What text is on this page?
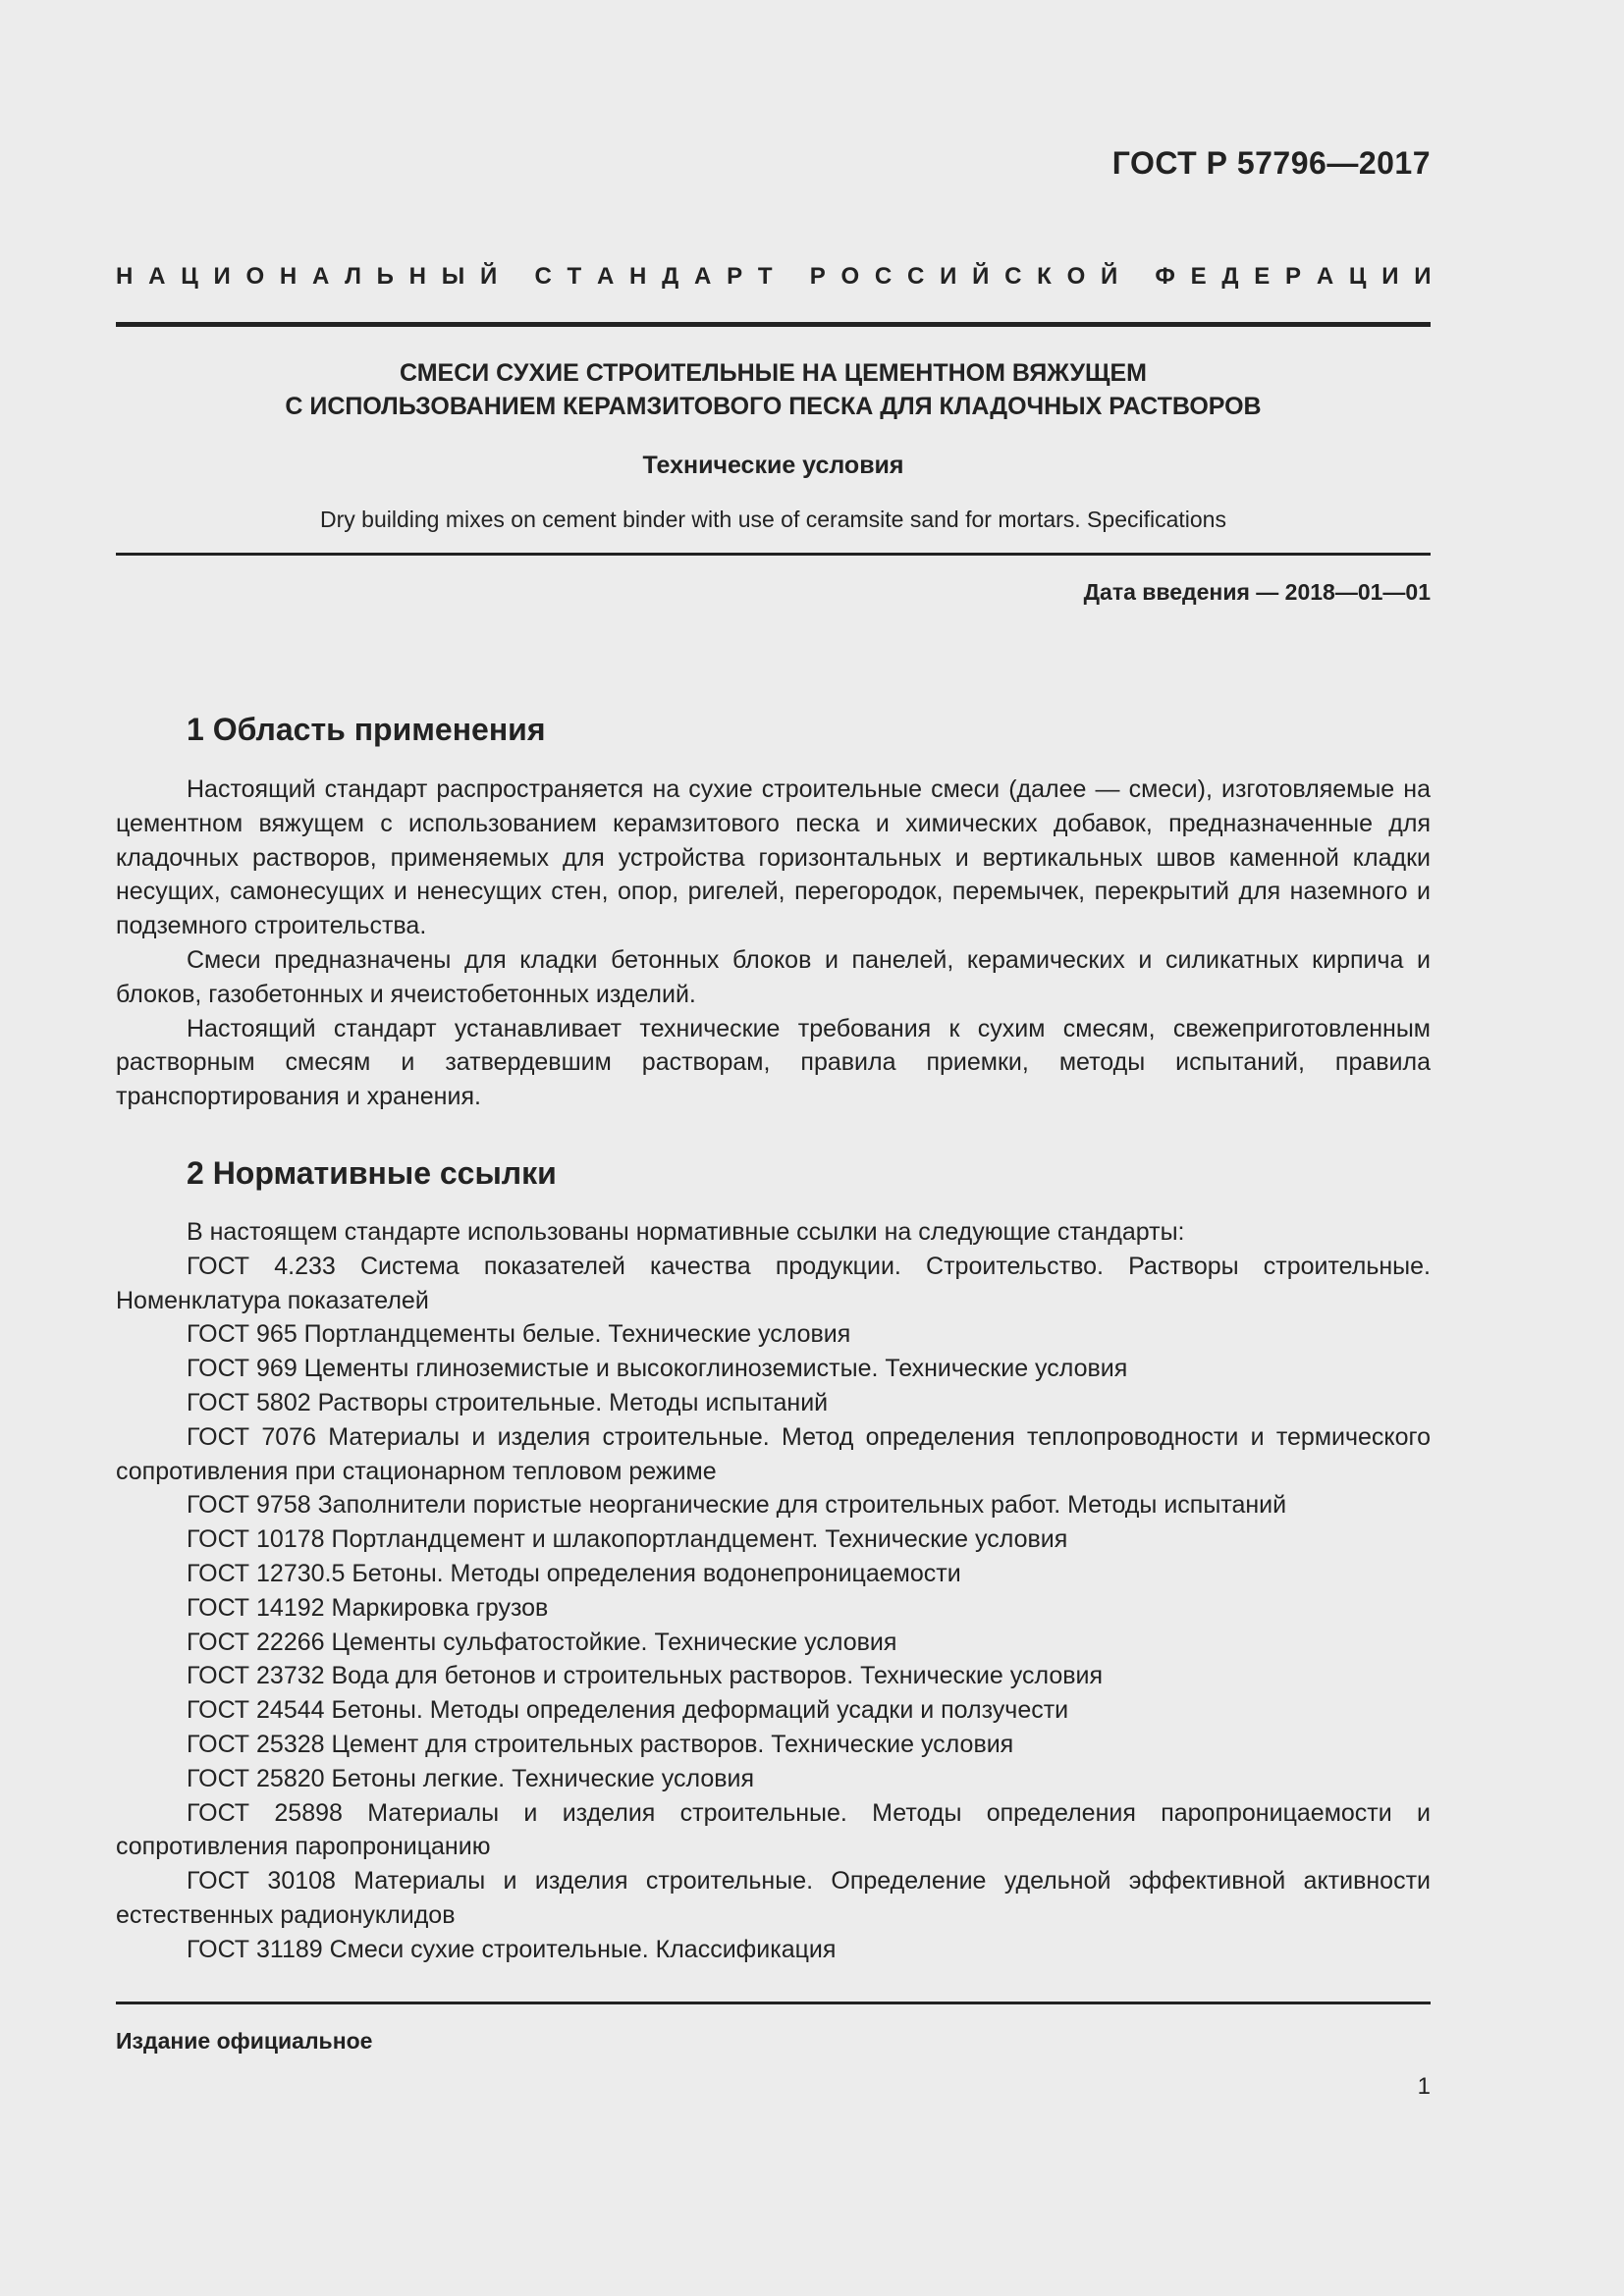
ГОСТ Р 57796—2017
Н А Ц И О Н А Л Ь Н Ы Й
С Т А Н Д А Р Т
Р О С С И Й С К О Й
Ф Е Д Е Р А Ц И И
СМЕСИ СУХИЕ СТРОИТЕЛЬНЫЕ НА ЦЕМЕНТНОМ ВЯЖУЩЕМ
С ИСПОЛЬЗОВАНИЕМ КЕРАМЗИТОВОГО ПЕСКА ДЛЯ КЛАДОЧНЫХ РАСТВОРОВ
Технические условия
Dry building mixes on cement binder with use of ceramsite sand for mortars. Specifications
Дата введения — 2018—01—01
1 Область применения

Настоящий стандарт распространяется на сухие строительные смеси (далее — смеси), изготовляемые на цементном вяжущем с использованием керамзитового песка и химических добавок, предназначенные для кладочных растворов, применяемых для устройства горизонтальных и вертикальных швов каменной кладки несущих, самонесущих и ненесущих стен, опор, ригелей, перегородок, перемычек, перекрытий для наземного и подземного строительства.

Смеси предназначены для кладки бетонных блоков и панелей, керамических и силикатных кирпича и блоков, газобетонных и ячеистобетонных изделий.

Настоящий стандарт устанавливает технические требования к сухим смесям, свежеприготовленным растворным смесям и затвердевшим растворам, правила приемки, методы испытаний, правила транспортирования и хранения.

2 Нормативные ссылки

В настоящем стандарте использованы нормативные ссылки на следующие стандарты:

ГОСТ 4.233 Система показателей качества продукции. Строительство. Растворы строительные. Номенклатура показателей

ГОСТ 965 Портландцементы белые. Технические условия

ГОСТ 969 Цементы глиноземистые и высокоглиноземистые. Технические условия

ГОСТ 5802 Растворы строительные. Методы испытаний

ГОСТ 7076 Материалы и изделия строительные. Метод определения теплопроводности и термического сопротивления при стационарном тепловом режиме

ГОСТ 9758 Заполнители пористые неорганические для строительных работ. Методы испытаний

ГОСТ 10178 Портландцемент и шлакопортландцемент. Технические условия

ГОСТ 12730.5 Бетоны. Методы определения водонепроницаемости

ГОСТ 14192 Маркировка грузов

ГОСТ 22266 Цементы сульфатостойкие. Технические условия

ГОСТ 23732 Вода для бетонов и строительных растворов. Технические условия

ГОСТ 24544 Бетоны. Методы определения деформаций усадки и ползучести

ГОСТ 25328 Цемент для строительных растворов. Технические условия

ГОСТ 25820 Бетоны легкие. Технические условия

ГОСТ 25898 Материалы и изделия строительные. Методы определения паропроницаемости и сопротивления паропроницанию

ГОСТ 30108 Материалы и изделия строительные. Определение удельной эффективной активности естественных радионуклидов

ГОСТ 31189 Смеси сухие строительные. Классификация

Издание официальное
1
